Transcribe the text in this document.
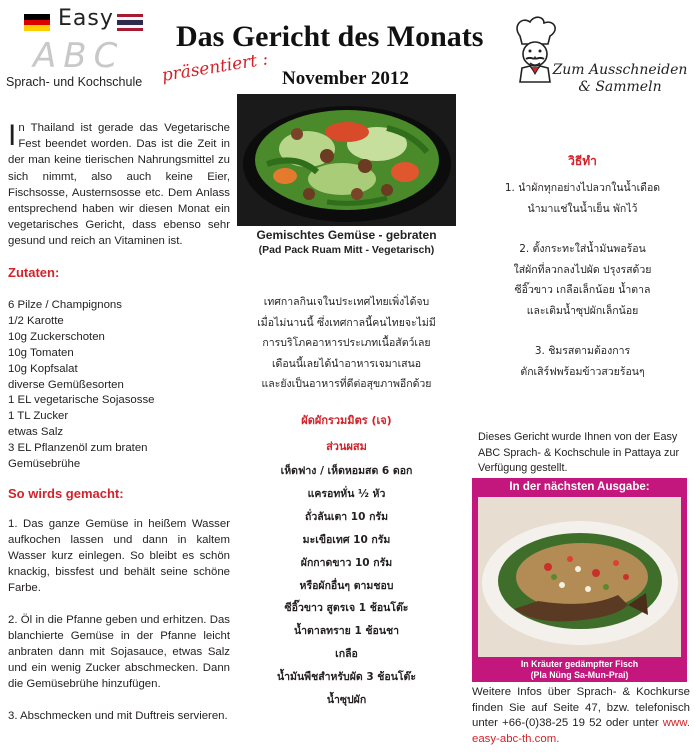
Easy
ABC
Sprach- und Kochschule
Das Gericht des Monats
präsentiert : November 2012	Zum Ausschneiden
& Sammeln
I n Thailand ist gerade das Vegetarische Fest beendet worden. Das ist die Zeit in der man keine tierischen Nahrungsmittel zu sich nimmt, also auch keine Eier, Fischsosse, Austernsosse etc. Dem Anlass entsprechend haben wir diesen Monat ein vegetarisches Gericht, dass ebenso sehr gesund und reich an Vitaminen ist.
Zutaten:
6 Pilze / Champignons
1/2 Karotte
10g Zuckerschoten
10g Tomaten
10g Kopfsalat
diverse Gemüßesorten
1 EL vegetarische Sojasosse
1 TL Zucker
etwas Salz
3 EL Pflanzenöl zum braten
Gemüsebrühe
So wirds gemacht:

1. Das ganze Gemüse in heißem Wasser aufkochen lassen und dann in kaltem Wasser kurz einlegen. So bleibt es schön knackig, bissfest und behält seine schöne Farbe.

2. Öl in die Pfanne geben und erhitzen. Das blanchierte Gemüse in der Pfanne leicht anbraten dann mit Sojasauce, etwas Salz und ein wenig Zucker abschmecken. Dann die Gemüsebrühe hinzufügen.

3. Abschmecken und mit Duftreis servieren.

Gemischtes Gemüse - gebraten
(Pad Pack Ruam Mitt - Vegetarisch)
เทศกาลกินเจในประเทศไทยเพิ่งได้จบ
เมื่อไม่นานนี้ ซึ่งเทศกาลนี้คนไทยจะไม่มี
การบริโภคอาหารประเภทเนื้อสัตว์เลย
เดือนนี้เลยได้นำอาหารเจมาเสนอ
และยังเป็นอาหารที่ดีต่อสุขภาพอีกด้วย
ผัดผักรวมมิตร (เจ)
ส่วนผสม
เห็ดฟาง / เห็ดหอมสด 6 ดอก
แครอทหั่น ½ หัว
ถั่วลันเตา 10 กรัม
มะเขือเทศ 10 กรัม
ผักกาดขาว 10 กรัม
หรือผักอื่นๆ ตามชอบ
ซีอิ๊วขาว สูตรเจ 1 ช้อนโต๊ะ
น้ำตาลทราย 1 ช้อนชา
เกลือ
น้ำมันพืชสำหรับผัด 3 ช้อนโต๊ะ
น้ำซุปผัก
วิธีทำ

1. นำผักทุกอย่างไปลวกในน้ำเดือด
นำมาแช่ในน้ำเย็น พักไว้

2. ตั้งกระทะใส่น้ำมันพอร้อน
ใส่ผักที่ลวกลงไปผัด ปรุงรสด้วย
ซีอิ๊วขาว เกลือเล็กน้อย น้ำตาล
และเติมน้ำซุปผักเล็กน้อย

3. ชิมรสตามต้องการ
ตักเสิร์ฟพร้อมข้าวสวยร้อนๆ

Dieses Gericht wurde Ihnen von der Easy ABC Sprach- & Kochschule in Pattaya zur Verfügung gestellt.
In der nächsten Ausgabe:
In Kräuter gedämpfter Fisch
(Pla Nüng Sa-Mun-Prai)
Weitere Infos über Sprach- & Kochkurse finden Sie auf Seite 47, bzw. telefonisch unter +66-(0)38-25 19 52 oder unter www. easy-abc-th.com.
